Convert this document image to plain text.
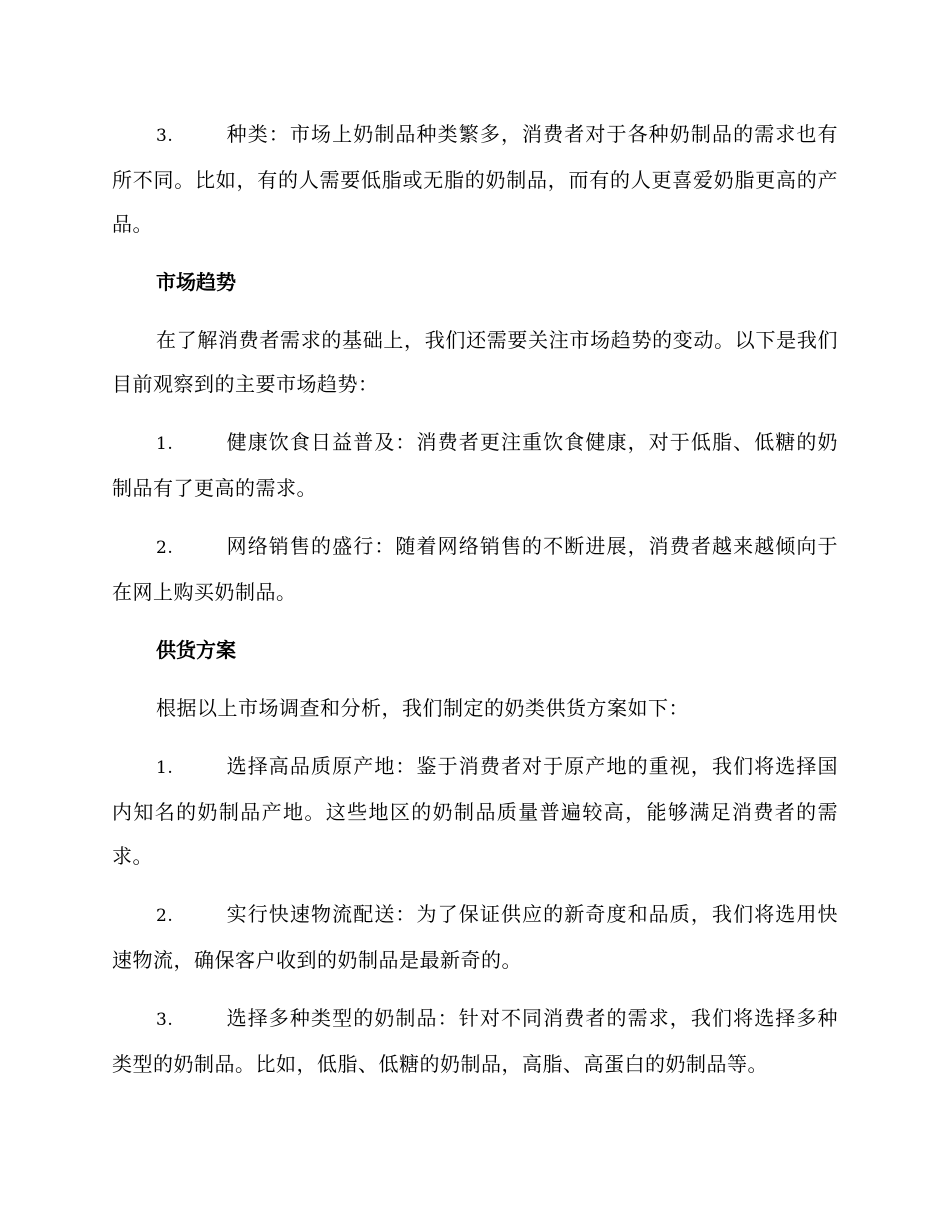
3.	种类：市场上奶制品种类繁多，消费者对于各种奶制品的需求也有所不同。比如，有的人需要低脂或无脂的奶制品，而有的人更喜爱奶脂更高的产品。

市场趋势

在了解消费者需求的基础上，我们还需要关注市场趋势的变动。以下是我们目前观察到的主要市场趋势：

1.	健康饮食日益普及：消费者更注重饮食健康，对于低脂、低糖的奶制品有了更高的需求。

2.	网络销售的盛行：随着网络销售的不断进展，消费者越来越倾向于在网上购买奶制品。

供货方案

根据以上市场调查和分析，我们制定的奶类供货方案如下：

1.	选择高品质原产地：鉴于消费者对于原产地的重视，我们将选择国内知名的奶制品产地。这些地区的奶制品质量普遍较高，能够满足消费者的需求。

2.	实行快速物流配送：为了保证供应的新奇度和品质，我们将选用快速物流，确保客户收到的奶制品是最新奇的。

3.	选择多种类型的奶制品：针对不同消费者的需求，我们将选择多种类型的奶制品。比如，低脂、低糖的奶制品，高脂、高蛋白的奶制品等。
